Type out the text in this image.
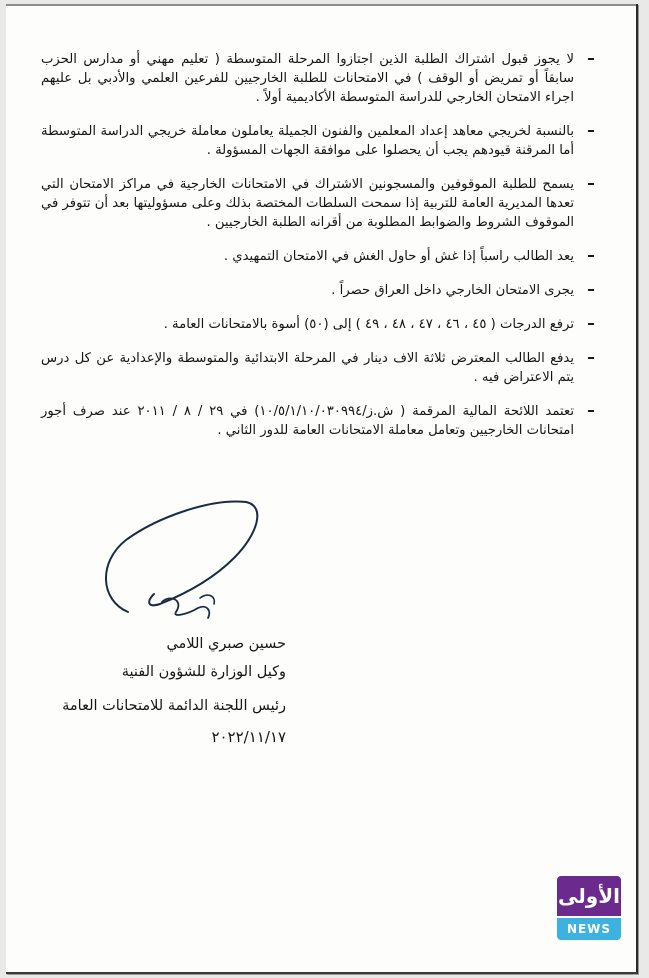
لا يجوز قبول اشتراك الطلبة الذين اجتازوا المرحلة المتوسطة ( تعليم مهني أو مدارس الحزب سابقاً أو تمريض أو الوقف ) في الامتحانات للطلبة الخارجيين للفرعين العلمي والأدبي بل عليهم اجراء الامتحان الخارجي للدراسة المتوسطة الأكاديمية أولاً .
بالنسبة لخريجي معاهد إعداد المعلمين والفنون الجميلة يعاملون معاملة خريجي الدراسة المتوسطة أما المرقنة قيودهم يجب أن يحصلوا على موافقة الجهات المسؤولة .
يسمح للطلبة الموقوفين والمسجونين الاشتراك في الامتحانات الخارجية في مراكز الامتحان التي تعدها المديرية العامة للتربية إذا سمحت السلطات المختصة بذلك وعلى مسؤوليتها بعد أن تتوفر في الموقوف الشروط والضوابط المطلوبة من أقرانه الطلبة الخارجيين .
يعد الطالب راسباً إذا غش أو حاول الغش في الامتحان التمهيدي .
يجرى الامتحان الخارجي داخل العراق حصراً .
ترفع الدرجات ( ٤٥ ، ٤٦ ، ٤٧ ، ٤٨ ، ٤٩ ) إلى (٥٠) أسوة بالامتحانات العامة .
يدفع الطالب المعترض ثلاثة الاف دينار في المرحلة الابتدائية والمتوسطة والإعدادية عن كل درس يتم الاعتراض فيه .
تعتمد اللائحة المالية المرقمة ( ش.ز/١٠/٥/١/١٠/٠٣٠٩٩٤) في ٢٩ / ٨ / ٢٠١١ عند صرف أجور امتحانات الخارجيين وتعامل معاملة الامتحانات العامة للدور الثاني .
حسين صبري اللامي
وكيل الوزارة للشؤون الفنية
رئيس اللجنة الدائمة للامتحانات العامة
٢٠٢٢/١١/١٧
الأولى
NEWS
